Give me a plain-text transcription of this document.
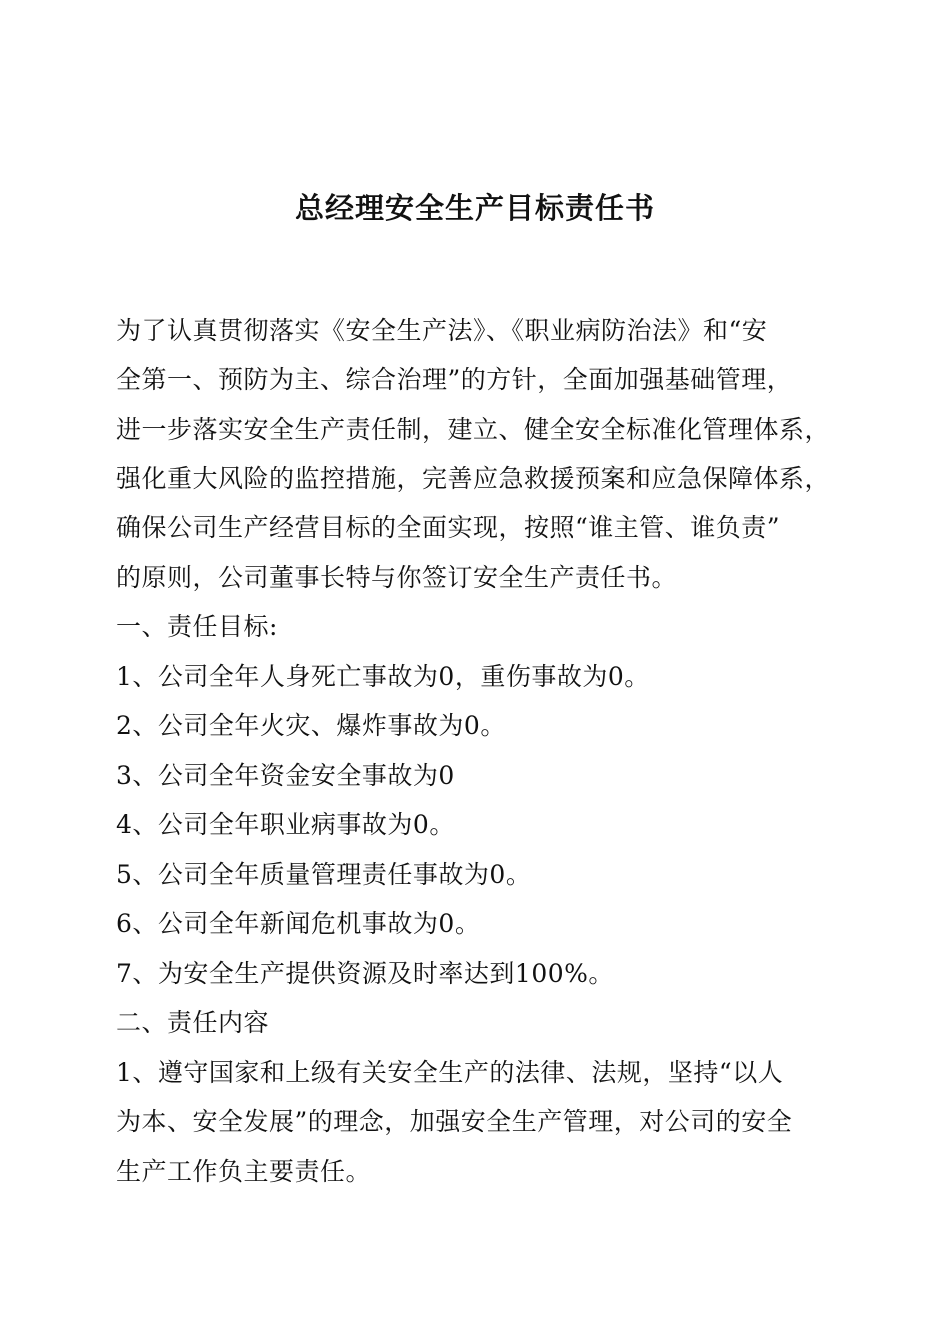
总经理安全生产目标责任书
为了认真贯彻落实《安全生产法》、《职业病防治法》和“安
全第一、预防为主、综合治理”的方针，全面加强基础管理，
进一步落实安全生产责任制，建立、健全安全标准化管理体系，
强化重大风险的监控措施，完善应急救援预案和应急保障体系，
确保公司生产经营目标的全面实现，按照“谁主管、谁负责”
的原则，公司董事长特与你签订安全生产责任书。
一、责任目标:
1、公司全年人身死亡事故为0，重伤事故为0。
2、公司全年火灾、爆炸事故为0。
3、公司全年资金安全事故为0
4、公司全年职业病事故为0。
5、公司全年质量管理责任事故为0。
6、公司全年新闻危机事故为0。
7、为安全生产提供资源及时率达到100%。
二、责任内容
1、遵守国家和上级有关安全生产的法律、法规，坚持“以人
为本、安全发展”的理念，加强安全生产管理，对公司的安全
生产工作负主要责任。
